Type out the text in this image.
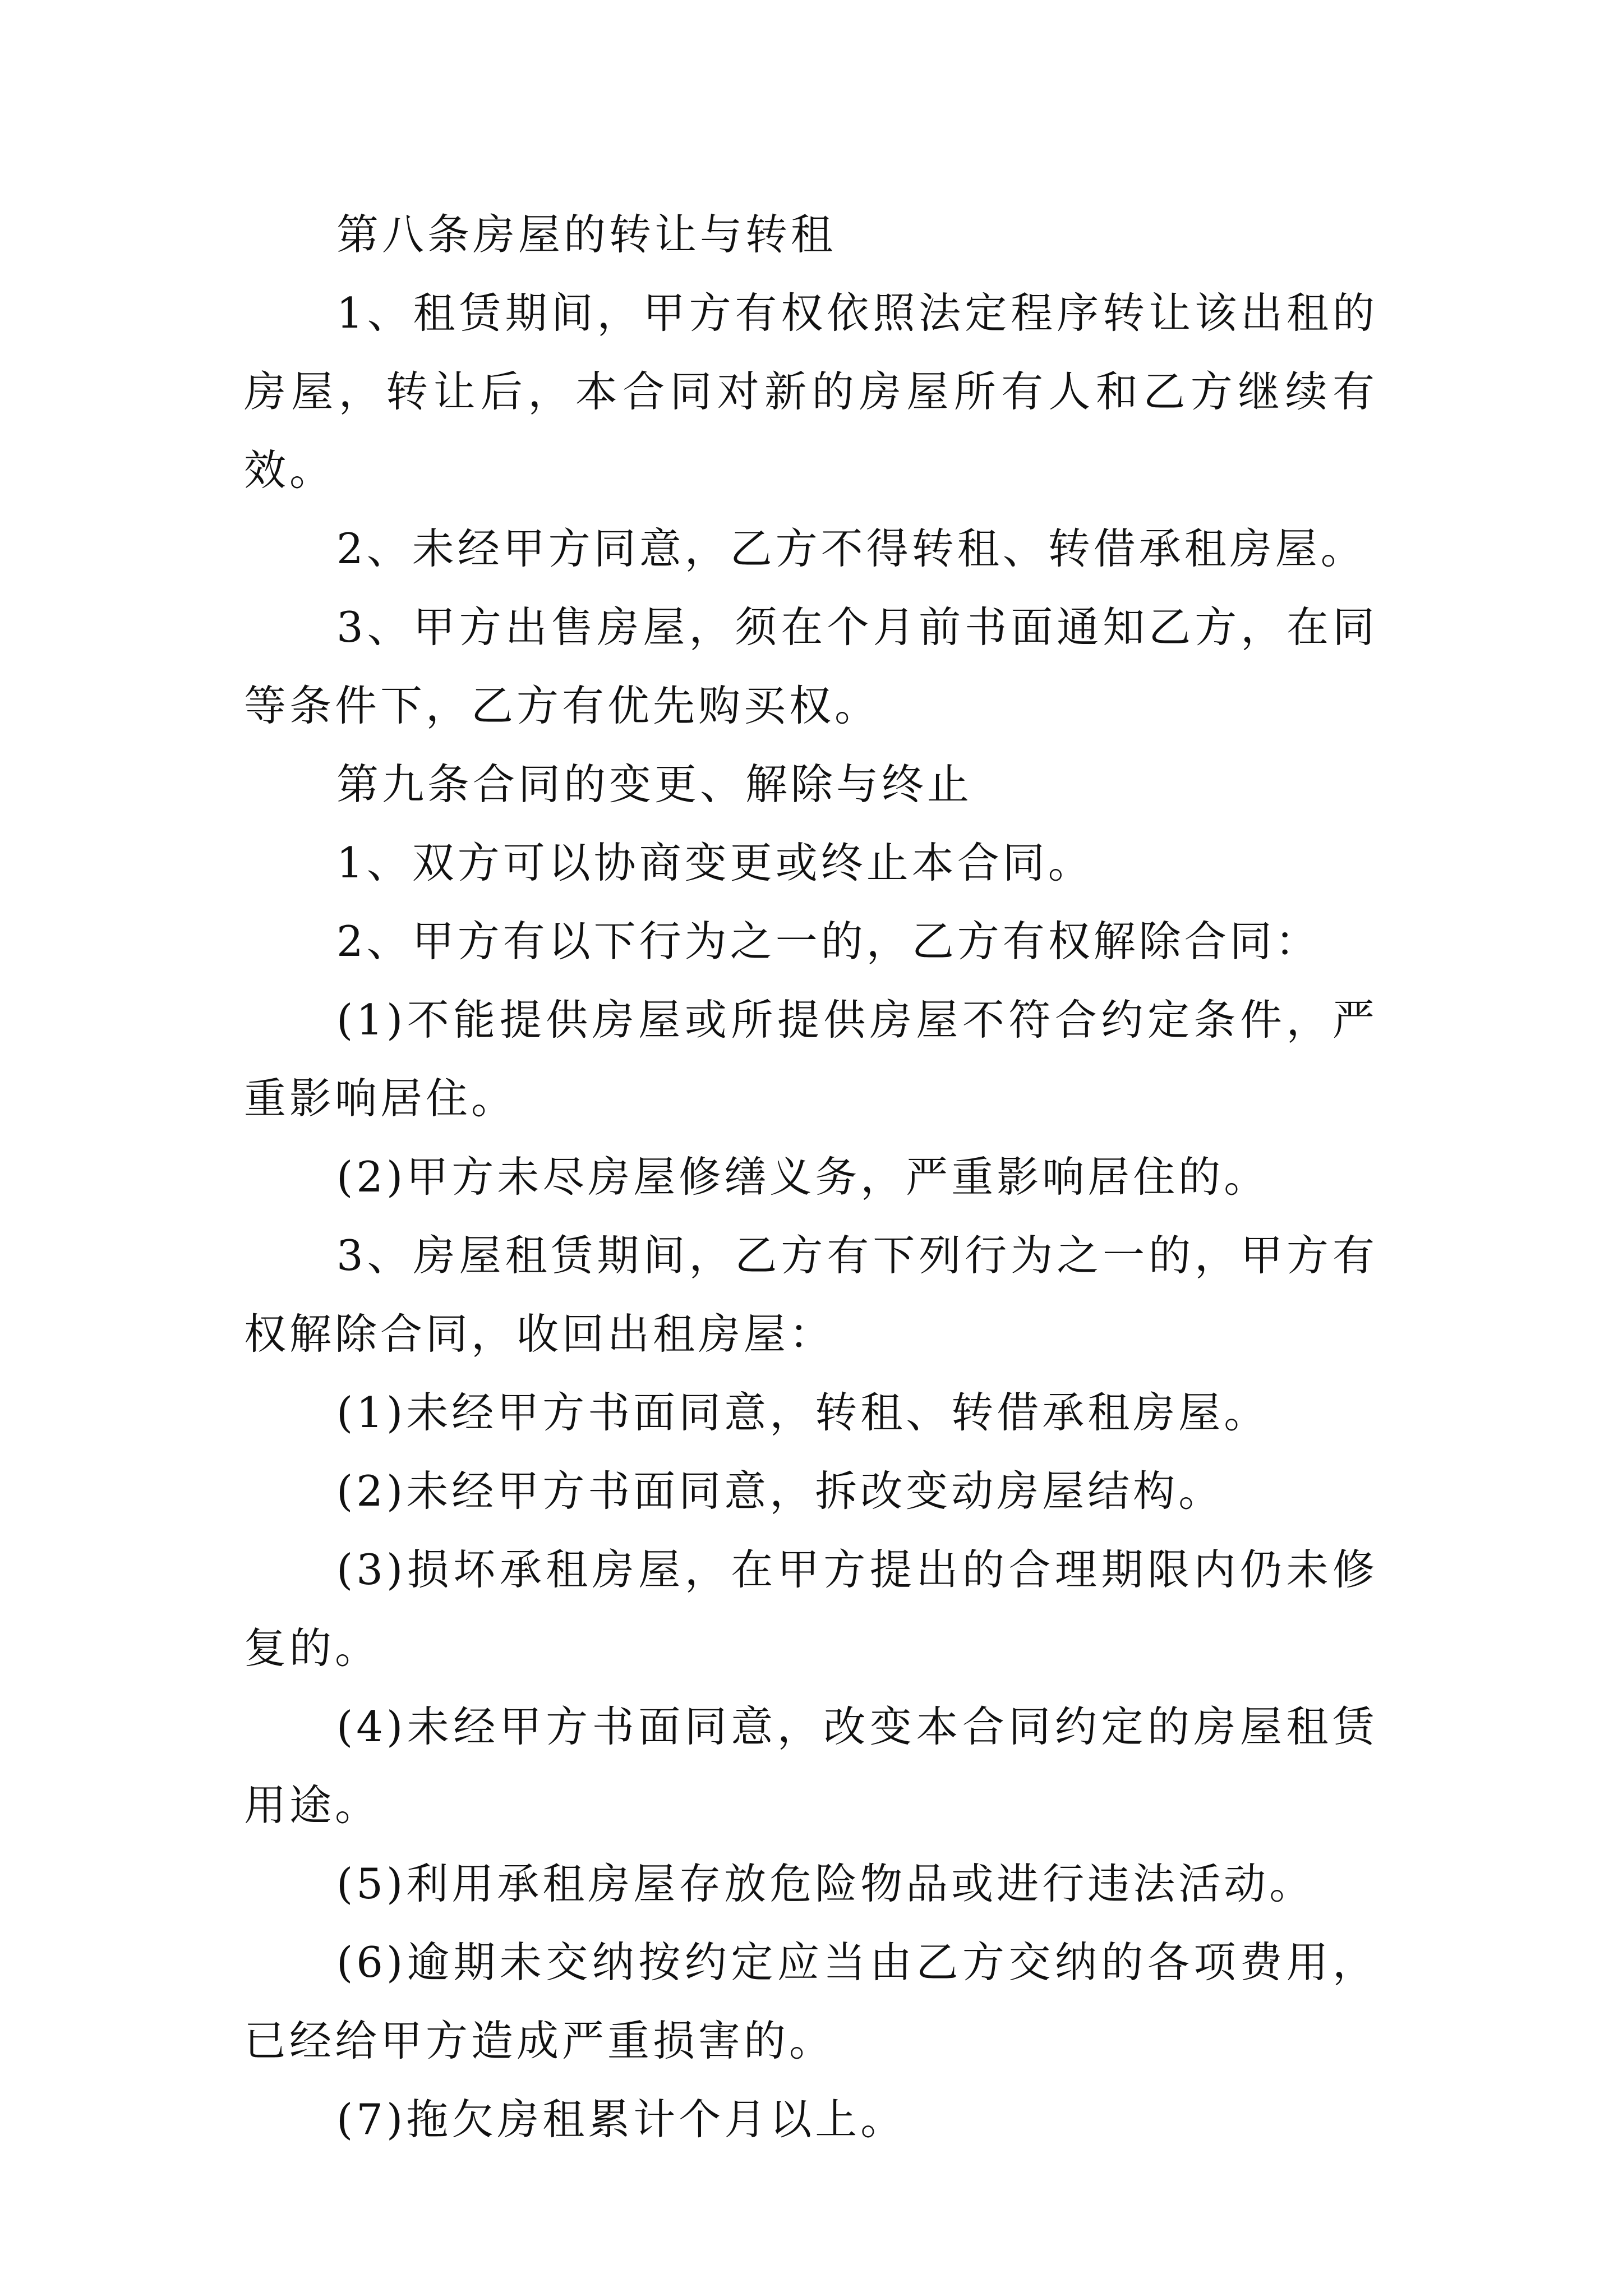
第八条房屋的转让与转租

1、租赁期间，甲方有权依照法定程序转让该出租的房屋，转让后，本合同对新的房屋所有人和乙方继续有效。

2、未经甲方同意，乙方不得转租、转借承租房屋。

3、甲方出售房屋，须在个月前书面通知乙方，在同等条件下，乙方有优先购买权。

第九条合同的变更、解除与终止

1、双方可以协商变更或终止本合同。

2、甲方有以下行为之一的，乙方有权解除合同：

(1)不能提供房屋或所提供房屋不符合约定条件，严重影响居住。

(2)甲方未尽房屋修缮义务，严重影响居住的。

3、房屋租赁期间，乙方有下列行为之一的，甲方有权解除合同，收回出租房屋：

(1)未经甲方书面同意，转租、转借承租房屋。

(2)未经甲方书面同意，拆改变动房屋结构。

(3)损坏承租房屋，在甲方提出的合理期限内仍未修复的。

(4)未经甲方书面同意，改变本合同约定的房屋租赁用途。

(5)利用承租房屋存放危险物品或进行违法活动。

(6)逾期未交纳按约定应当由乙方交纳的各项费用，已经给甲方造成严重损害的。

(7)拖欠房租累计个月以上。
